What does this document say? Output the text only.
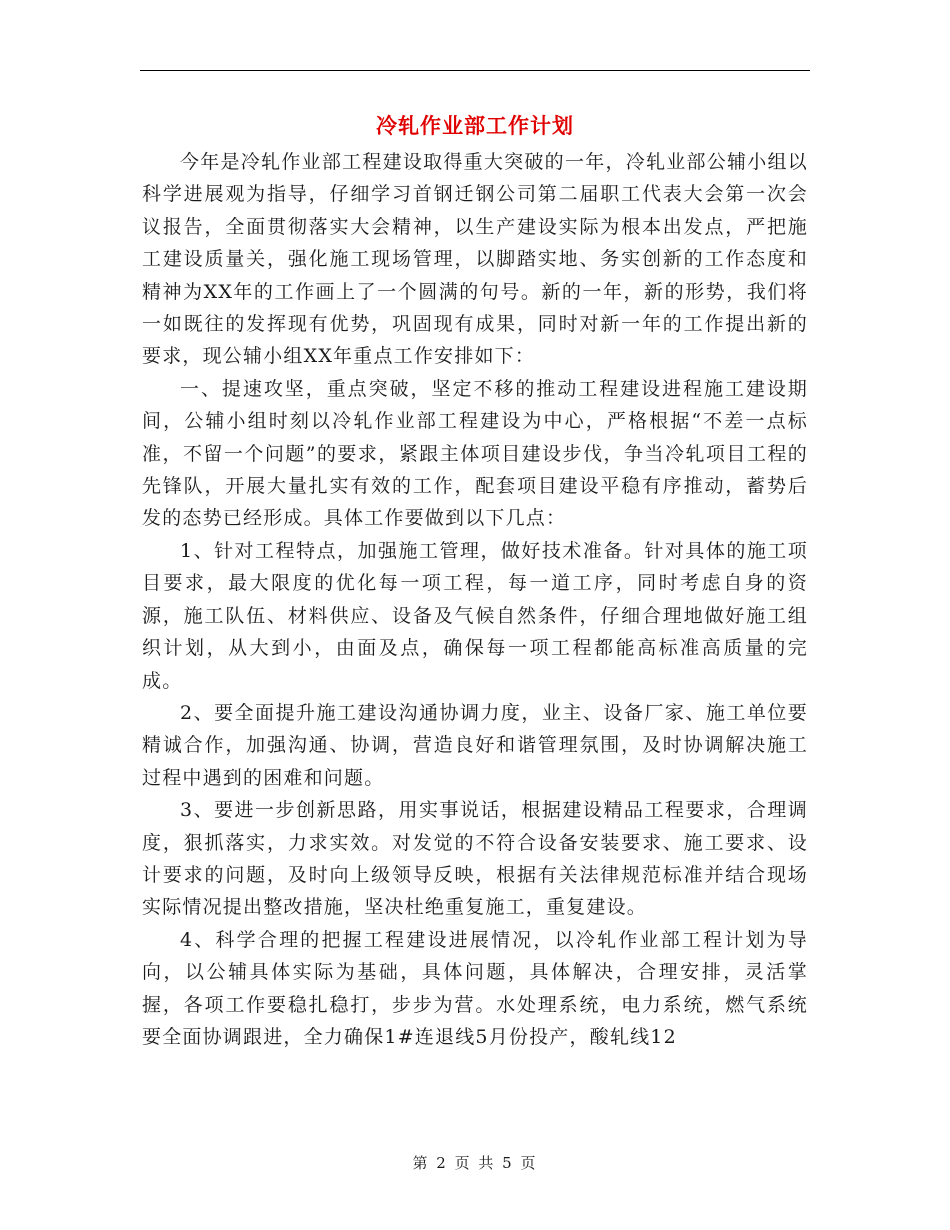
冷轧作业部工作计划

今年是冷轧作业部工程建设取得重大突破的一年，冷轧业部公辅小组以科学进展观为指导，仔细学习首钢迁钢公司第二届职工代表大会第一次会议报告，全面贯彻落实大会精神，以生产建设实际为根本出发点，严把施工建设质量关，强化施工现场管理，以脚踏实地、务实创新的工作态度和精神为XX年的工作画上了一个圆满的句号。新的一年，新的形势，我们将一如既往的发挥现有优势，巩固现有成果，同时对新一年的工作提出新的要求，现公辅小组XX年重点工作安排如下：

一、提速攻坚，重点突破，坚定不移的推动工程建设进程施工建设期间，公辅小组时刻以冷轧作业部工程建设为中心，严格根据“不差一点标准，不留一个问题”的要求，紧跟主体项目建设步伐，争当冷轧项目工程的先锋队，开展大量扎实有效的工作，配套项目建设平稳有序推动，蓄势后发的态势已经形成。具体工作要做到以下几点：

1、针对工程特点，加强施工管理，做好技术准备。针对具体的施工项目要求，最大限度的优化每一项工程，每一道工序，同时考虑自身的资源，施工队伍、材料供应、设备及气候自然条件，仔细合理地做好施工组织计划，从大到小，由面及点，确保每一项工程都能高标准高质量的完成。

2、要全面提升施工建设沟通协调力度，业主、设备厂家、施工单位要精诚合作，加强沟通、协调，营造良好和谐管理氛围，及时协调解决施工过程中遇到的困难和问题。

3、要进一步创新思路，用实事说话，根据建设精品工程要求，合理调度，狠抓落实，力求实效。对发觉的不符合设备安装要求、施工要求、设计要求的问题，及时向上级领导反映，根据有关法律规范标准并结合现场实际情况提出整改措施，坚决杜绝重复施工，重复建设。

4、科学合理的把握工程建设进展情况，以冷轧作业部工程计划为导向，以公辅具体实际为基础，具体问题，具体解决，合理安排，灵活掌握，各项工作要稳扎稳打，步步为营。水处理系统，电力系统，燃气系统要全面协调跟进，全力确保1#连退线5月份投产，酸轧线12

第 2 页 共 5 页
